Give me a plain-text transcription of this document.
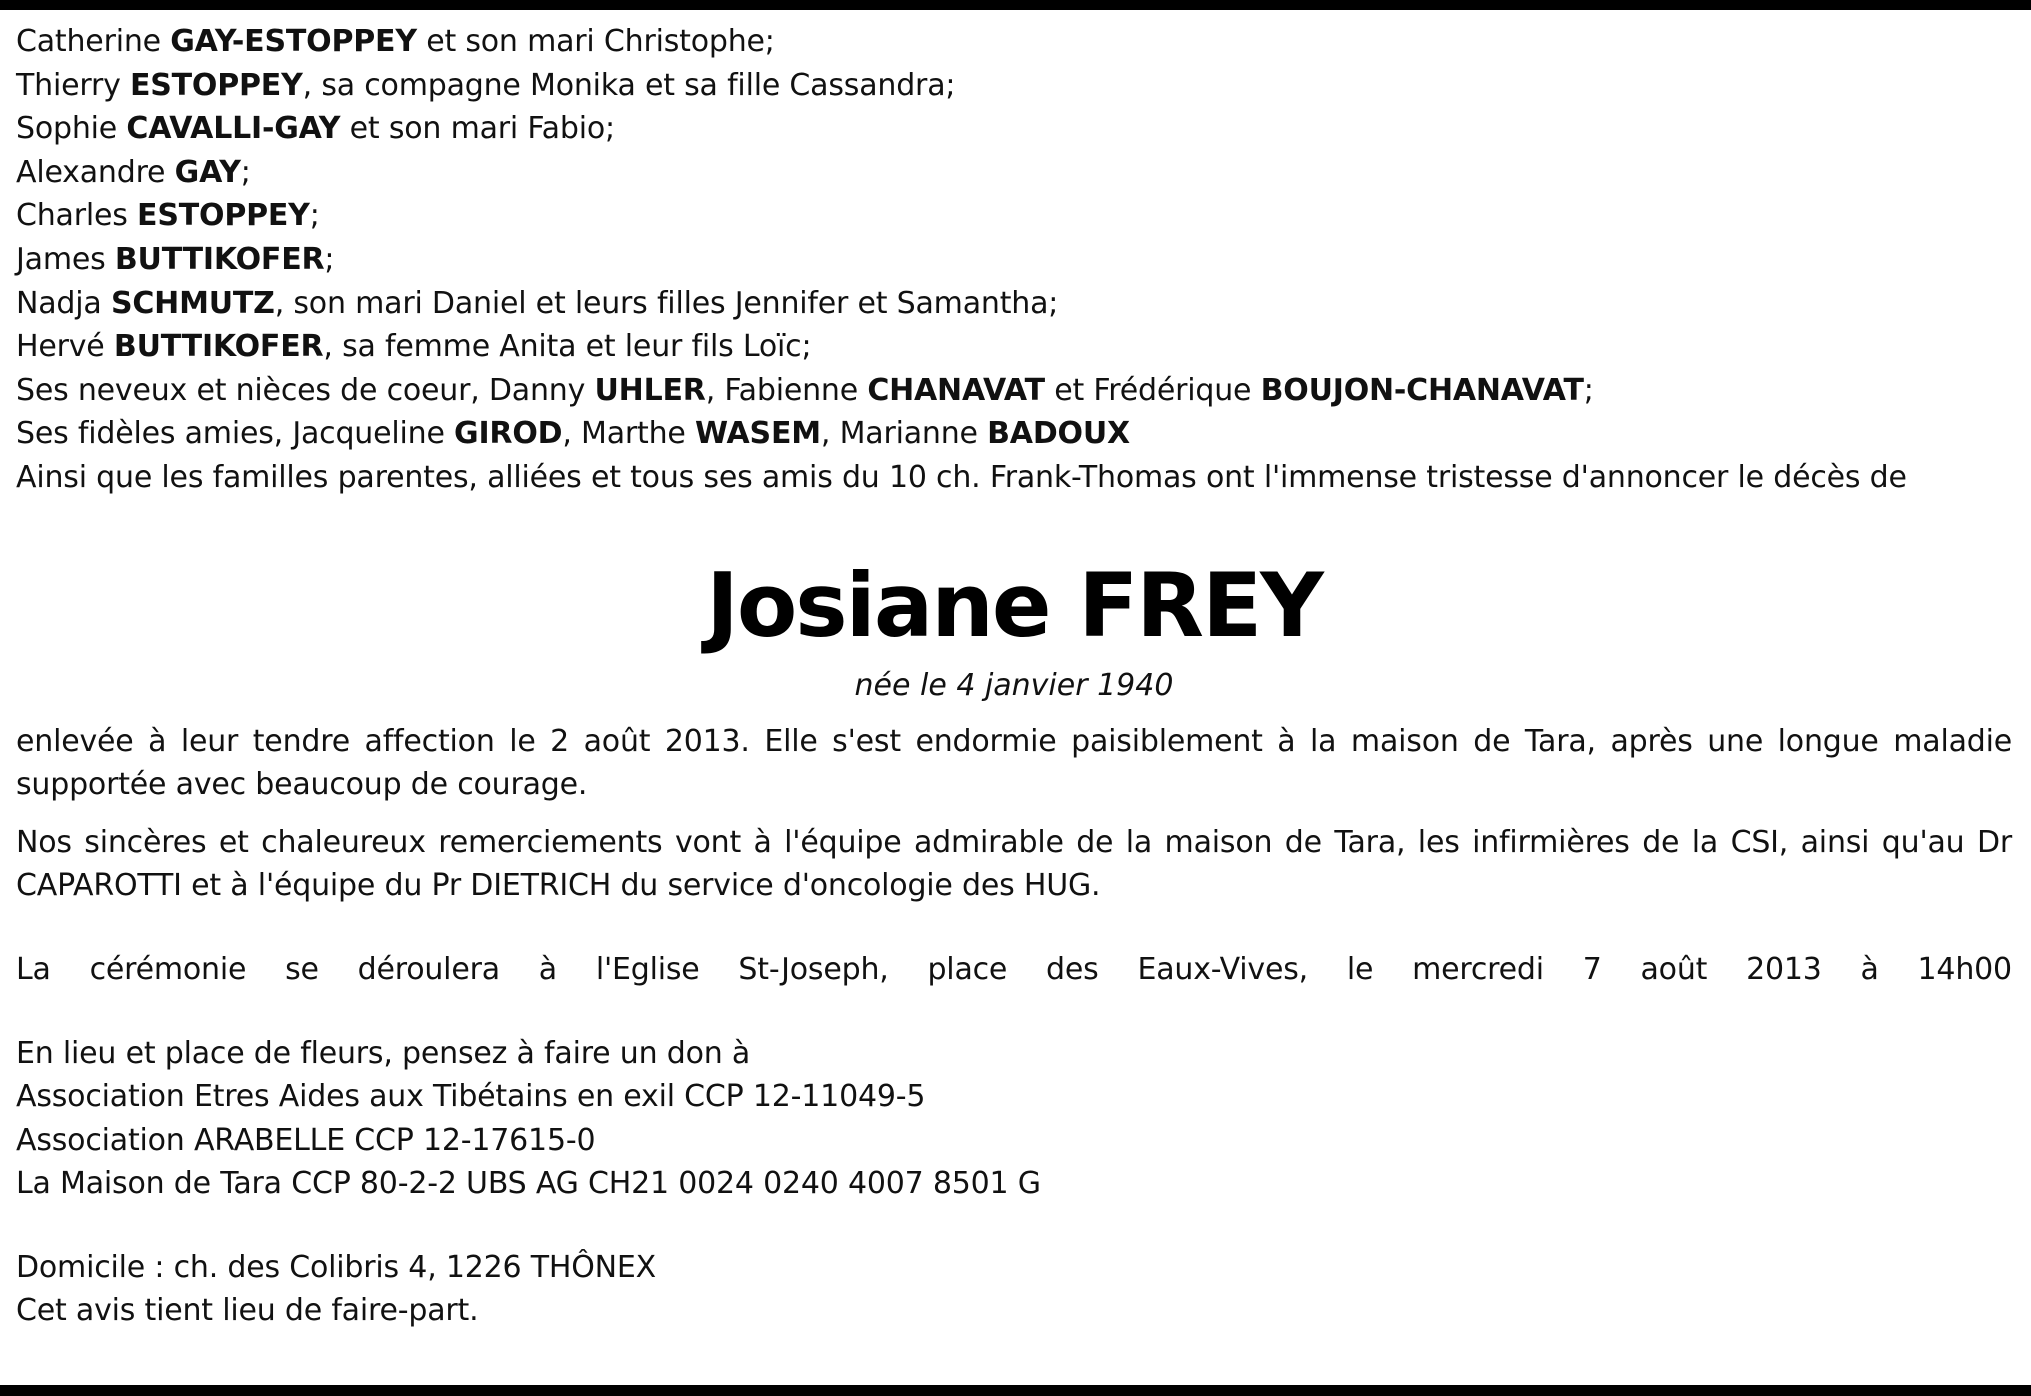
Catherine GAY-ESTOPPEY et son mari Christophe;
Thierry ESTOPPEY, sa compagne Monika et sa fille Cassandra;
Sophie CAVALLI-GAY et son mari Fabio;
Alexandre GAY;
Charles ESTOPPEY;
James BUTTIKOFER;
Nadja SCHMUTZ, son mari Daniel et leurs filles Jennifer et Samantha;
Hervé BUTTIKOFER, sa femme Anita et leur fils Loïc;
Ses neveux et nièces de coeur, Danny UHLER, Fabienne CHANAVAT et Frédérique BOUJON-CHANAVAT;
Ses fidèles amies, Jacqueline GIROD, Marthe WASEM, Marianne BADOUX
Ainsi que les familles parentes, alliées et tous ses amis du 10 ch. Frank-Thomas ont l'immense tristesse d'annoncer le décès de
Josiane FREY
née le 4 janvier 1940
enlevée à leur tendre affection le 2 août 2013. Elle s'est endormie paisiblement à la maison de Tara, après une longue maladie supportée avec beaucoup de courage.
Nos sincères et chaleureux remerciements vont à l'équipe admirable de la maison de Tara, les infirmières de la CSI, ainsi qu'au Dr CAPAROTTI et à l'équipe du Pr DIETRICH du service d'oncologie des HUG.
La cérémonie se déroulera à l'Eglise St-Joseph, place des Eaux-Vives, le mercredi 7 août 2013 à 14h00
En lieu et place de fleurs, pensez à faire un don à
Association Etres Aides aux Tibétains en exil CCP 12-11049-5
Association ARABELLE CCP 12-17615-0
La Maison de Tara CCP 80-2-2 UBS AG CH21 0024 0240 4007 8501 G
Domicile : ch. des Colibris 4, 1226 THÔNEX
Cet avis tient lieu de faire-part.
